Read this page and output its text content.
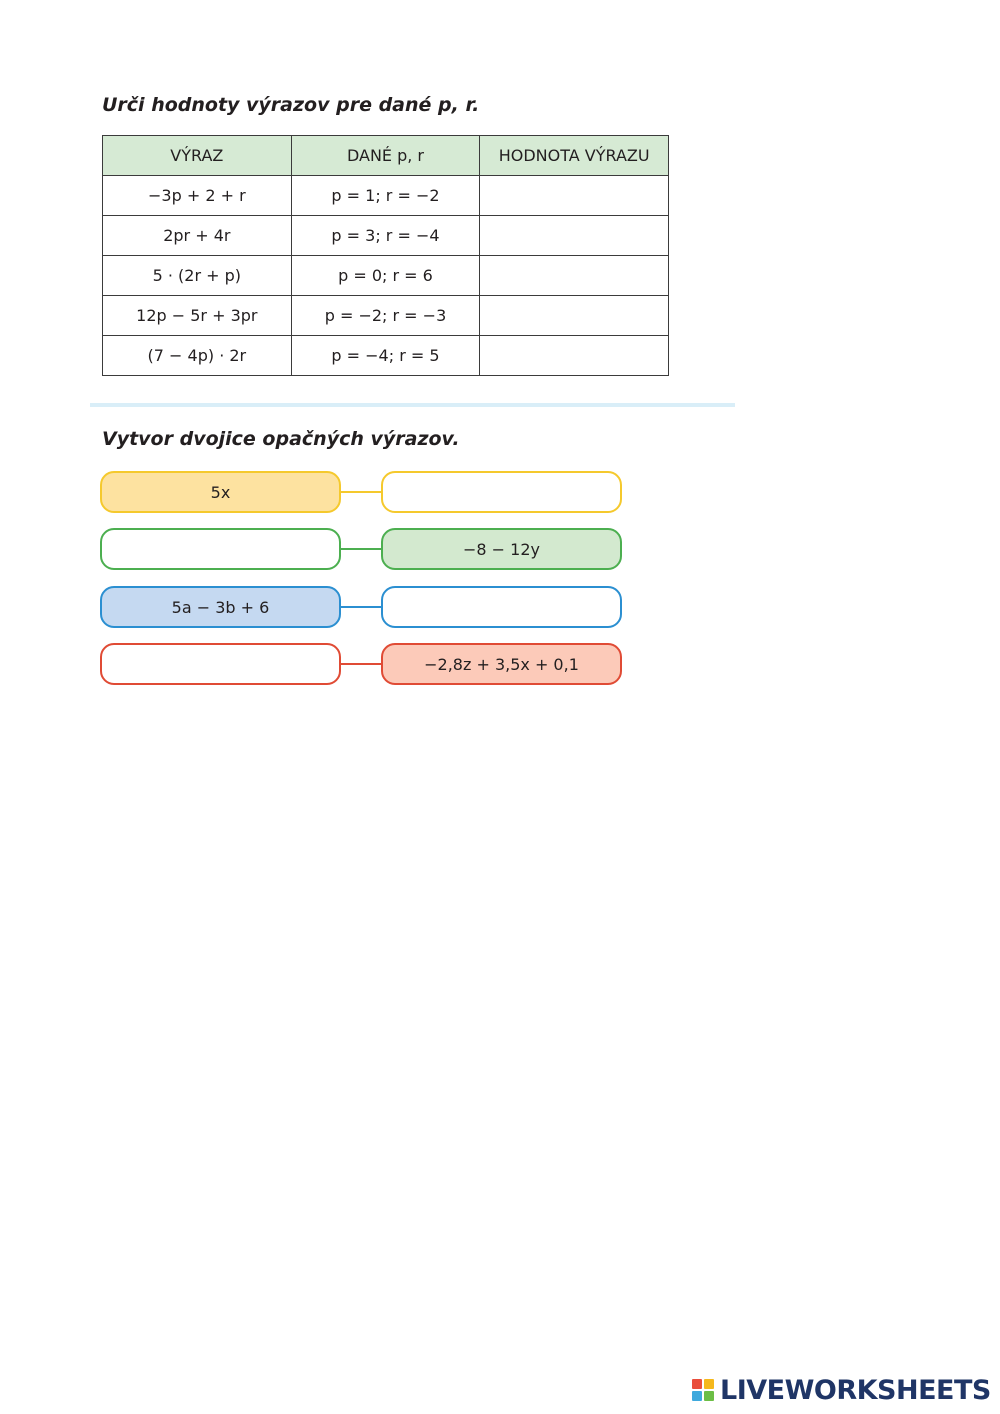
Urči hodnoty výrazov pre dané p, r.
VÝRAZ	DANÉ p, r	HODNOTA VÝRAZU
−3p + 2 + r	p = 1; r = −2	
2pr + 4r	p = 3; r = −4	
5 · (2r + p)	p = 0; r = 6	
12p − 5r + 3pr	p = −2; r = −3	
(7 − 4p) · 2r	p = −4; r = 5	
Vytvor dvojice opačných výrazov.
5x
−8 − 12y
5a − 3b + 6
−2,8z + 3,5x + 0,1
LIVEWORKSHEETS
